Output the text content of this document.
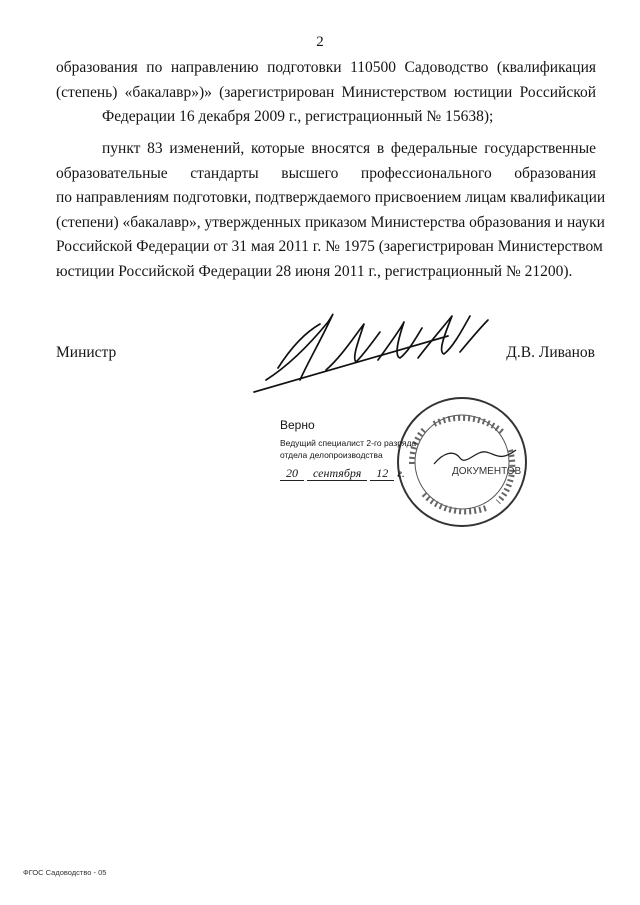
2
образования по направлению подготовки 110500 Садоводство (квалификация
(степень) «бакалавр»)» (зарегистрирован Министерством юстиции Российской
Федерации 16 декабря 2009 г., регистрационный № 15638);
пункт 83 изменений, которые вносятся в федеральные государственные
образовательные стандарты высшего профессионального образования
по направлениям подготовки, подтверждаемого присвоением лицам квалификации
(степени) «бакалавр», утвержденных приказом Министерства образования и науки
Российской Федерации от 31 мая 2011 г. № 1975 (зарегистрирован Министерством
юстиции Российской Федерации 28 июня 2011 г., регистрационный № 21200).
Министр	Д.В. Ливанов
ДОКУМЕНТОВ
Верно
Ведущий специалист 2-го разряда
отдела делопроизводства
20 сентября 12 г.
ФГОС Садоводство - 05
